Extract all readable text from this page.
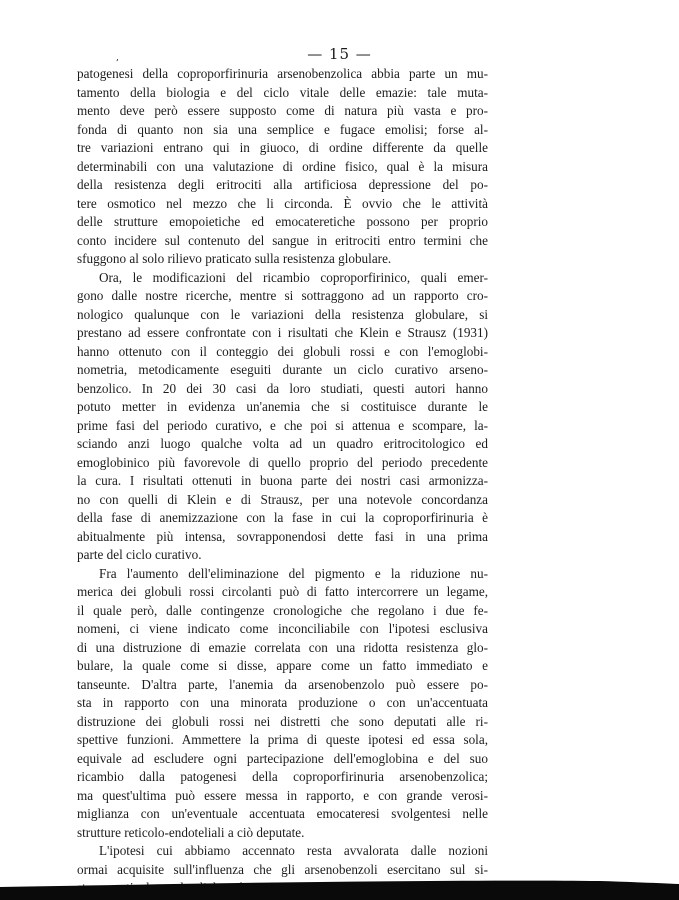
‚	— 15 —
patogenesi della coproporfirinuria arsenobenzolica abbia parte un mu-
tamento della biologia e del ciclo vitale delle emazie: tale muta-
mento deve però essere supposto come di natura più vasta e pro-
fonda di quanto non sia una semplice e fugace emolisi; forse al-
tre variazioni entrano qui in giuoco, di ordine differente da quelle
determinabili con una valutazione di ordine fisico, qual è la misura
della resistenza degli eritrociti alla artificiosa depressione del po-
tere osmotico nel mezzo che li circonda. È ovvio che le attività
delle strutture emopoietiche ed emocateretiche possono per proprio
conto incidere sul contenuto del sangue in eritrociti entro termini che
sfuggono al solo rilievo praticato sulla resistenza globulare.
Ora, le modificazioni del ricambio coproporfirinico, quali emer-
gono dalle nostre ricerche, mentre si sottraggono ad un rapporto cro-
nologico qualunque con le variazioni della resistenza globulare, si
prestano ad essere confrontate con i risultati che Klein e Strausz (1931)
hanno ottenuto con il conteggio dei globuli rossi e con l'emoglobi-
nometria, metodicamente eseguiti durante un ciclo curativo arseno-
benzolico. In 20 dei 30 casi da loro studiati, questi autori hanno
potuto metter in evidenza un'anemia che si costituisce durante le
prime fasi del periodo curativo, e che poi si attenua e scompare, la-
sciando anzi luogo qualche volta ad un quadro eritrocitologico ed
emoglobinico più favorevole di quello proprio del periodo precedente
la cura. I risultati ottenuti in buona parte dei nostri casi armonizza-
no con quelli di Klein e di Strausz, per una notevole concordanza
della fase di anemizzazione con la fase in cui la coproporfirinuria è
abitualmente più intensa, sovrapponendosi dette fasi in una prima
parte del ciclo curativo.
Fra l'aumento dell'eliminazione del pigmento e la riduzione nu-
merica dei globuli rossi circolanti può di fatto intercorrere un legame,
il quale però, dalle contingenze cronologiche che regolano i due fe-
nomeni, ci viene indicato come inconciliabile con l'ipotesi esclusiva
di una distruzione di emazie correlata con una ridotta resistenza glo-
bulare, la quale come si disse, appare come un fatto immediato e
tanseunte. D'altra parte, l'anemia da arsenobenzolo può essere po-
sta in rapporto con una minorata produzione o con un'accentuata
distruzione dei globuli rossi nei distretti che sono deputati alle ri-
spettive funzioni. Ammettere la prima di queste ipotesi ed essa sola,
equivale ad escludere ogni partecipazione dell'emoglobina e del suo
ricambio dalla patogenesi della coproporfirinuria arsenobenzolica;
ma quest'ultima può essere messa in rapporto, e con grande verosi-
miglianza con un'eventuale accentuata emocateresi svolgentesi nelle
strutture reticolo-endoteliali a ciò deputate.
L'ipotesi cui abbiamo accennato resta avvalorata dalle nozioni
ormai acquisite sull'influenza che gli arsenobenzoli esercitano sul si-
